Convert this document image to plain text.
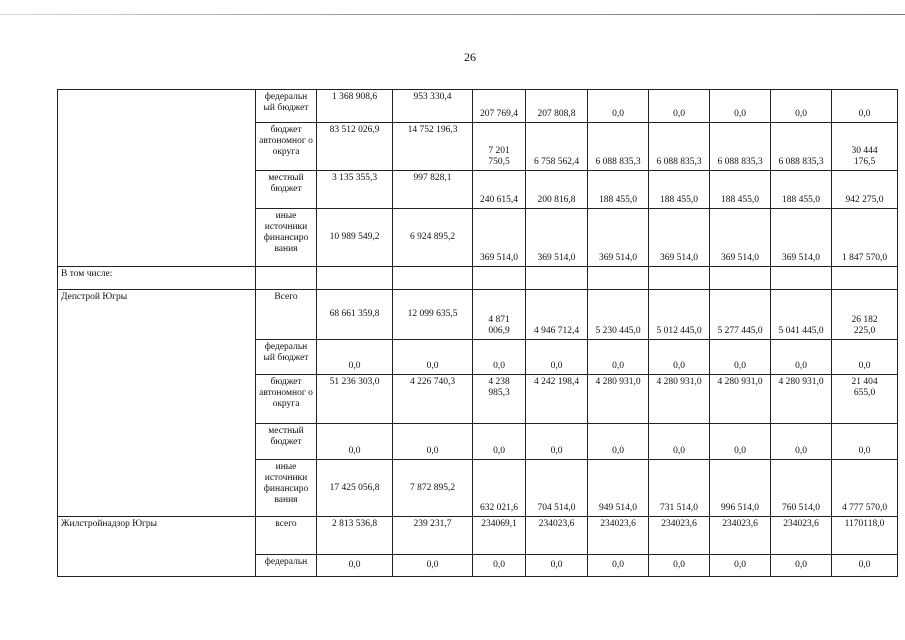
26
	федеральн ый бюджет	1 368 908,6	953 330,4	207 769,4	207 808,8	0,0	0,0	0,0	0,0	0,0

	бюджет автономног о округа	83 512 026,9	14 752 196,3	7 201
750,5	6 758 562,4	6 088 835,3	6 088 835,3	6 088 835,3	6 088 835,3	30 444
176,5

	местный бюджет	3 135 355,3	997 828,1	240 615,4	200 816,8	188 455,0	188 455,0	188 455,0	188 455,0	942 275,0

	иные источники финансиро вания	10 989 549,2	6 924 895,2	369 514,0	369 514,0	369 514,0	369 514,0	369 514,0	369 514,0	1 847 570,0

В том числе:				

Депстрой Югры	Всего	68 661 359,8	12 099 635,5	4 871
006,9	4 946 712,4	5 230 445,0	5 012 445,0	5 277 445,0	5 041 445,0	26 182
225,0

	федеральн ый бюджет	0,0	0,0	0,0	0,0	0,0	0,0	0,0	0,0	0,0

	бюджет автономног о округа	51 236 303,0	4 226 740,3	4 238
985,3	4 242 198,4	4 280 931,0	4 280 931,0	4 280 931,0	4 280 931,0	21 404
655,0

	местный бюджет	0,0	0,0	0,0	0,0	0,0	0,0	0,0	0,0	0,0

	иные источники финансиро вания	17 425 056,8	7 872 895,2	632 021,6	704 514,0	949 514,0	731 514,0	996 514,0	760 514,0	4 777 570,0

Жилстройнадзор Югры	всего	2 813 536,8	239 231,7	234069,1	234023,6	234023,6	234023,6	234023,6	234023,6	1170118,0

	федеральн	0,0	0,0	0,0	0,0	0,0	0,0	0,0	0,0	0,0
